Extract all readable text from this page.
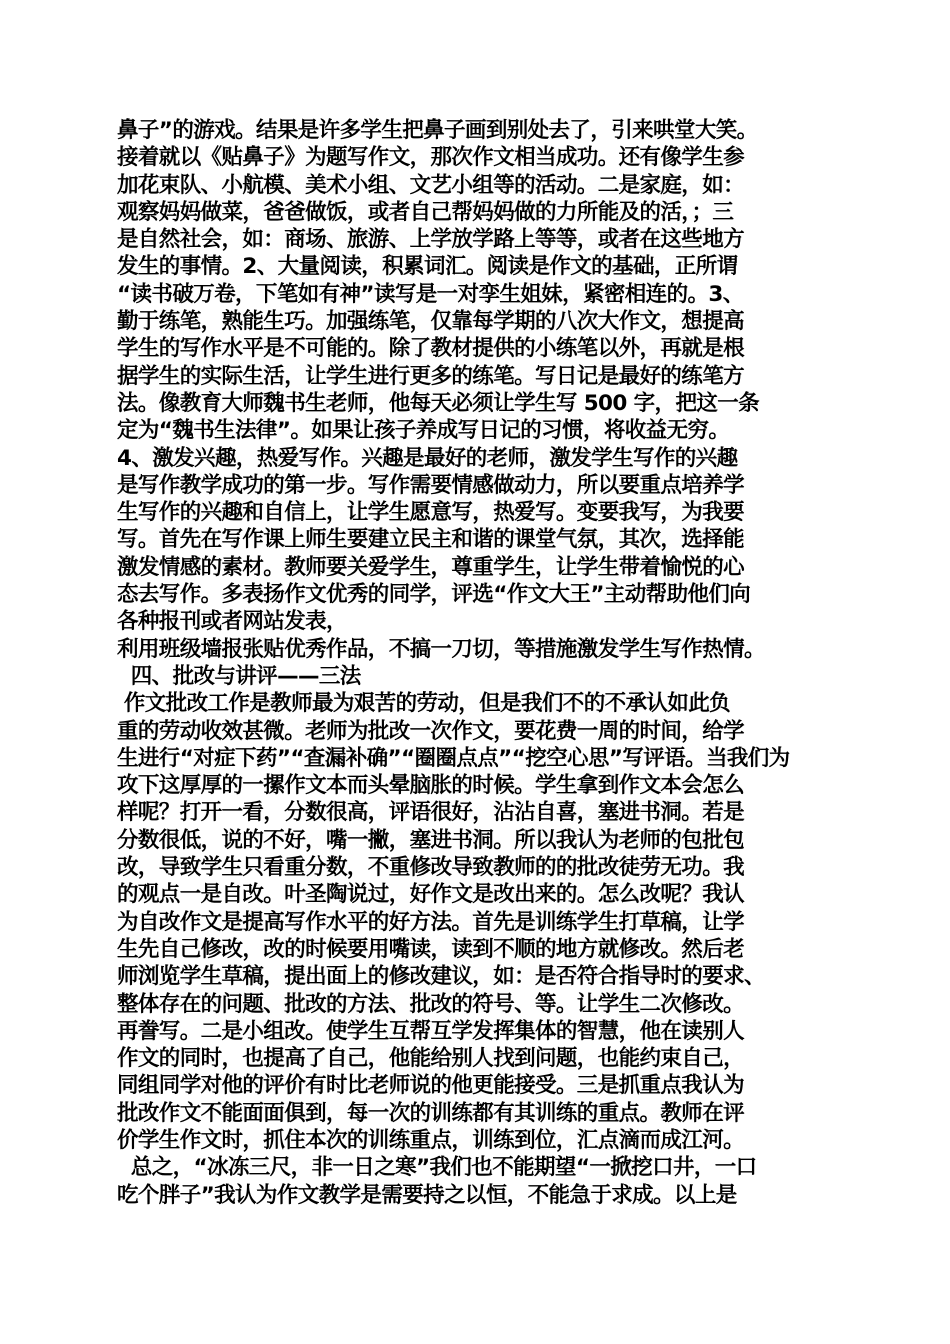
鼻子”的游戏。结果是许多学生把鼻子画到别处去了，引来哄堂大笑。
接着就以《贴鼻子》为题写作文，那次作文相当成功。还有像学生参
加花束队、小航模、美术小组、文艺小组等的活动。二是家庭，如：
观察妈妈做菜，爸爸做饭，或者自己帮妈妈做的力所能及的活，；三
是自然社会，如：商场、旅游、上学放学路上等等，或者在这些地方
发生的事情。2、大量阅读，积累词汇。阅读是作文的基础，正所谓
“读书破万卷，下笔如有神”读写是一对孪生姐妹，紧密相连的。3、
勤于练笔，熟能生巧。加强练笔，仅靠每学期的八次大作文，想提高
学生的写作水平是不可能的。除了教材提供的小练笔以外，再就是根
据学生的实际生活，让学生进行更多的练笔。写日记是最好的练笔方
法。像教育大师魏书生老师，他每天必须让学生写 500 字，把这一条
定为“魏书生法律”。如果让孩子养成写日记的习惯，将收益无穷。
4、激发兴趣，热爱写作。兴趣是最好的老师，激发学生写作的兴趣
是写作教学成功的第一步。写作需要情感做动力，所以要重点培养学
生写作的兴趣和自信上，让学生愿意写，热爱写。变要我写，为我要
写。首先在写作课上师生要建立民主和谐的课堂气氛，其次，选择能
激发情感的素材。教师要关爱学生，尊重学生，让学生带着愉悦的心
态去写作。多表扬作文优秀的同学，评选“作文大王”主动帮助他们向
各种报刊或者网站发表，
利用班级墙报张贴优秀作品，不搞一刀切，等措施激发学生写作热情。
四、批改与讲评——三法
作文批改工作是教师最为艰苦的劳动，但是我们不的不承认如此负
重的劳动收效甚微。老师为批改一次作文，要花费一周的时间，给学
生进行“对症下药”“查漏补确”“圈圈点点”“挖空心思”写评语。当我们为
攻下这厚厚的一摞作文本而头晕脑胀的时候。学生拿到作文本会怎么
样呢？打开一看，分数很高，评语很好，沾沾自喜，塞进书洞。若是
分数很低，说的不好，嘴一撇，塞进书洞。所以我认为老师的包批包
改，导致学生只看重分数，不重修改导致教师的的批改徒劳无功。我
的观点一是自改。叶圣陶说过，好作文是改出来的。怎么改呢？我认
为自改作文是提高写作水平的好方法。首先是训练学生打草稿，让学
生先自己修改，改的时候要用嘴读，读到不顺的地方就修改。然后老
师浏览学生草稿，提出面上的修改建议，如：是否符合指导时的要求、
整体存在的问题、批改的方法、批改的符号、等。让学生二次修改。
再誊写。二是小组改。使学生互帮互学发挥集体的智慧，他在读别人
作文的同时，也提高了自己，他能给别人找到问题，也能约束自己，
同组同学对他的评价有时比老师说的他更能接受。三是抓重点我认为
批改作文不能面面俱到，每一次的训练都有其训练的重点。教师在评
价学生作文时，抓住本次的训练重点，训练到位，汇点滴而成江河。
总之，“冰冻三尺，非一日之寒”我们也不能期望“一掀挖口井，一口
吃个胖子”我认为作文教学是需要持之以恒，不能急于求成。以上是
